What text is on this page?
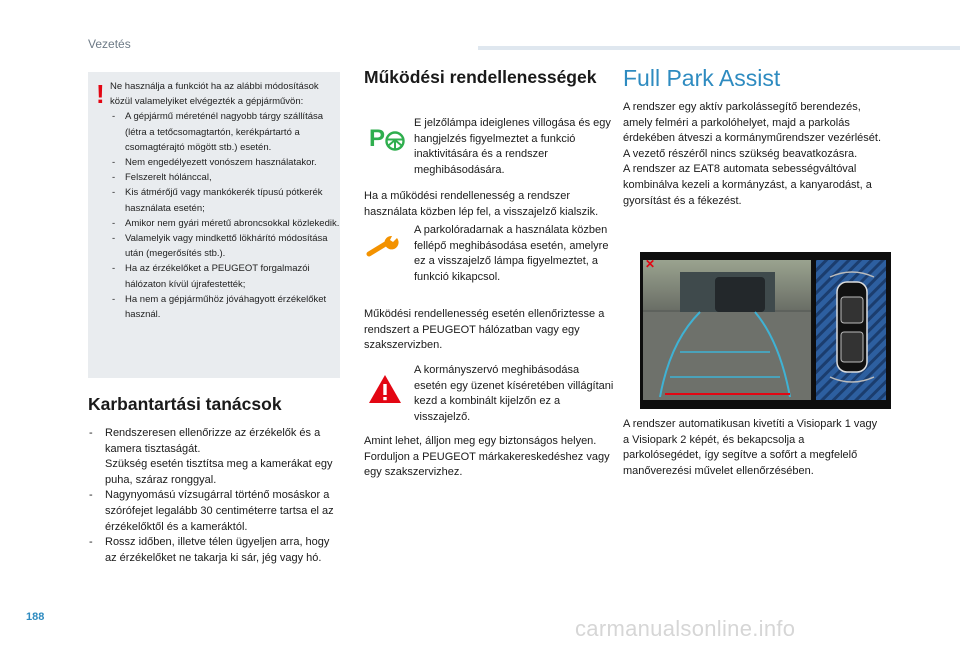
Vezetés
! Ne használja a funkciót ha az alábbi módosítások közül valamelyiket elvégezték a gépjárművön:
- A gépjármű méreténél nagyobb tárgy szállítása (létra a tetőcsomagtartón, kerékpártartó a csomagtérajtó mögött stb.) esetén.
- Nem engedélyezett vonószem használatakor.
- Felszerelt hólánccal,
- Kis átmérőjű vagy mankókerék típusú pótkerék használata esetén;
- Amikor nem gyári méretű abroncsokkal közlekedik.
- Valamelyik vagy mindkettő lökhárító módosítása után (megerősítés stb.).
- Ha az érzékelőket a PEUGEOT forgalmazói hálózaton kívül újrafestették;
- Ha nem a gépjárműhöz jóváhagyott érzékelőket használ.
Karbantartási tanácsok
- Rendszeresen ellenőrizze az érzékelők és a kamera tisztaságát.
Szükség esetén tisztítsa meg a kamerákat egy puha, száraz ronggyal.
- Nagynyomású vízsugárral történő mosáskor a szórófejet legalább 30 centiméterre tartsa el az érzékelőktől és a kameráktól.
- Rossz időben, illetve télen ügyeljen arra, hogy az érzékelőket ne takarja ki sár, jég vagy hó.
Működési rendellenességek
P
E jelzőlámpa ideiglenes villogása és egy hangjelzés figyelmeztet a funkció inaktivitására és a rendszer meghibásodására.
Ha a működési rendellenesség a rendszer használata közben lép fel, a visszajelző kialszik.
A parkolóradarnak a használata közben fellépő meghibásodása esetén, amelyre ez a visszajelző lámpa figyelmeztet, a funkció kikapcsol.
Működési rendellenesség esetén ellenőriztesse a rendszert a PEUGEOT hálózatban vagy egy szakszervizben.
A kormányszervó meghibásodása esetén egy üzenet kíséretében villágítani kezd a kombinált kijelzőn ez a visszajelző.
Amint lehet, álljon meg egy biztonságos helyen. Forduljon a PEUGEOT márkakereskedéshez vagy egy szakszervizhez.
Full Park Assist
A rendszer egy aktív parkolássegítő berendezés, amely felméri a parkolóhelyet, majd a parkolás érdekében átveszi a kormányműrendszer vezérlését. A vezető részéről nincs szükség beavatkozásra.
A rendszer az EAT8 automata sebességváltóval kombinálva kezeli a kormányzást, a kanyarodást, a gyorsítást és a fékezést.
✕
A rendszer automatikusan kivetíti a Visiopark 1 vagy a Visiopark 2 képét, és bekapcsolja a parkolósegédet, így segítve a sofőrt a megfelelő manőverezési művelet ellenőrzésében.
188	carmanualsonline.info
